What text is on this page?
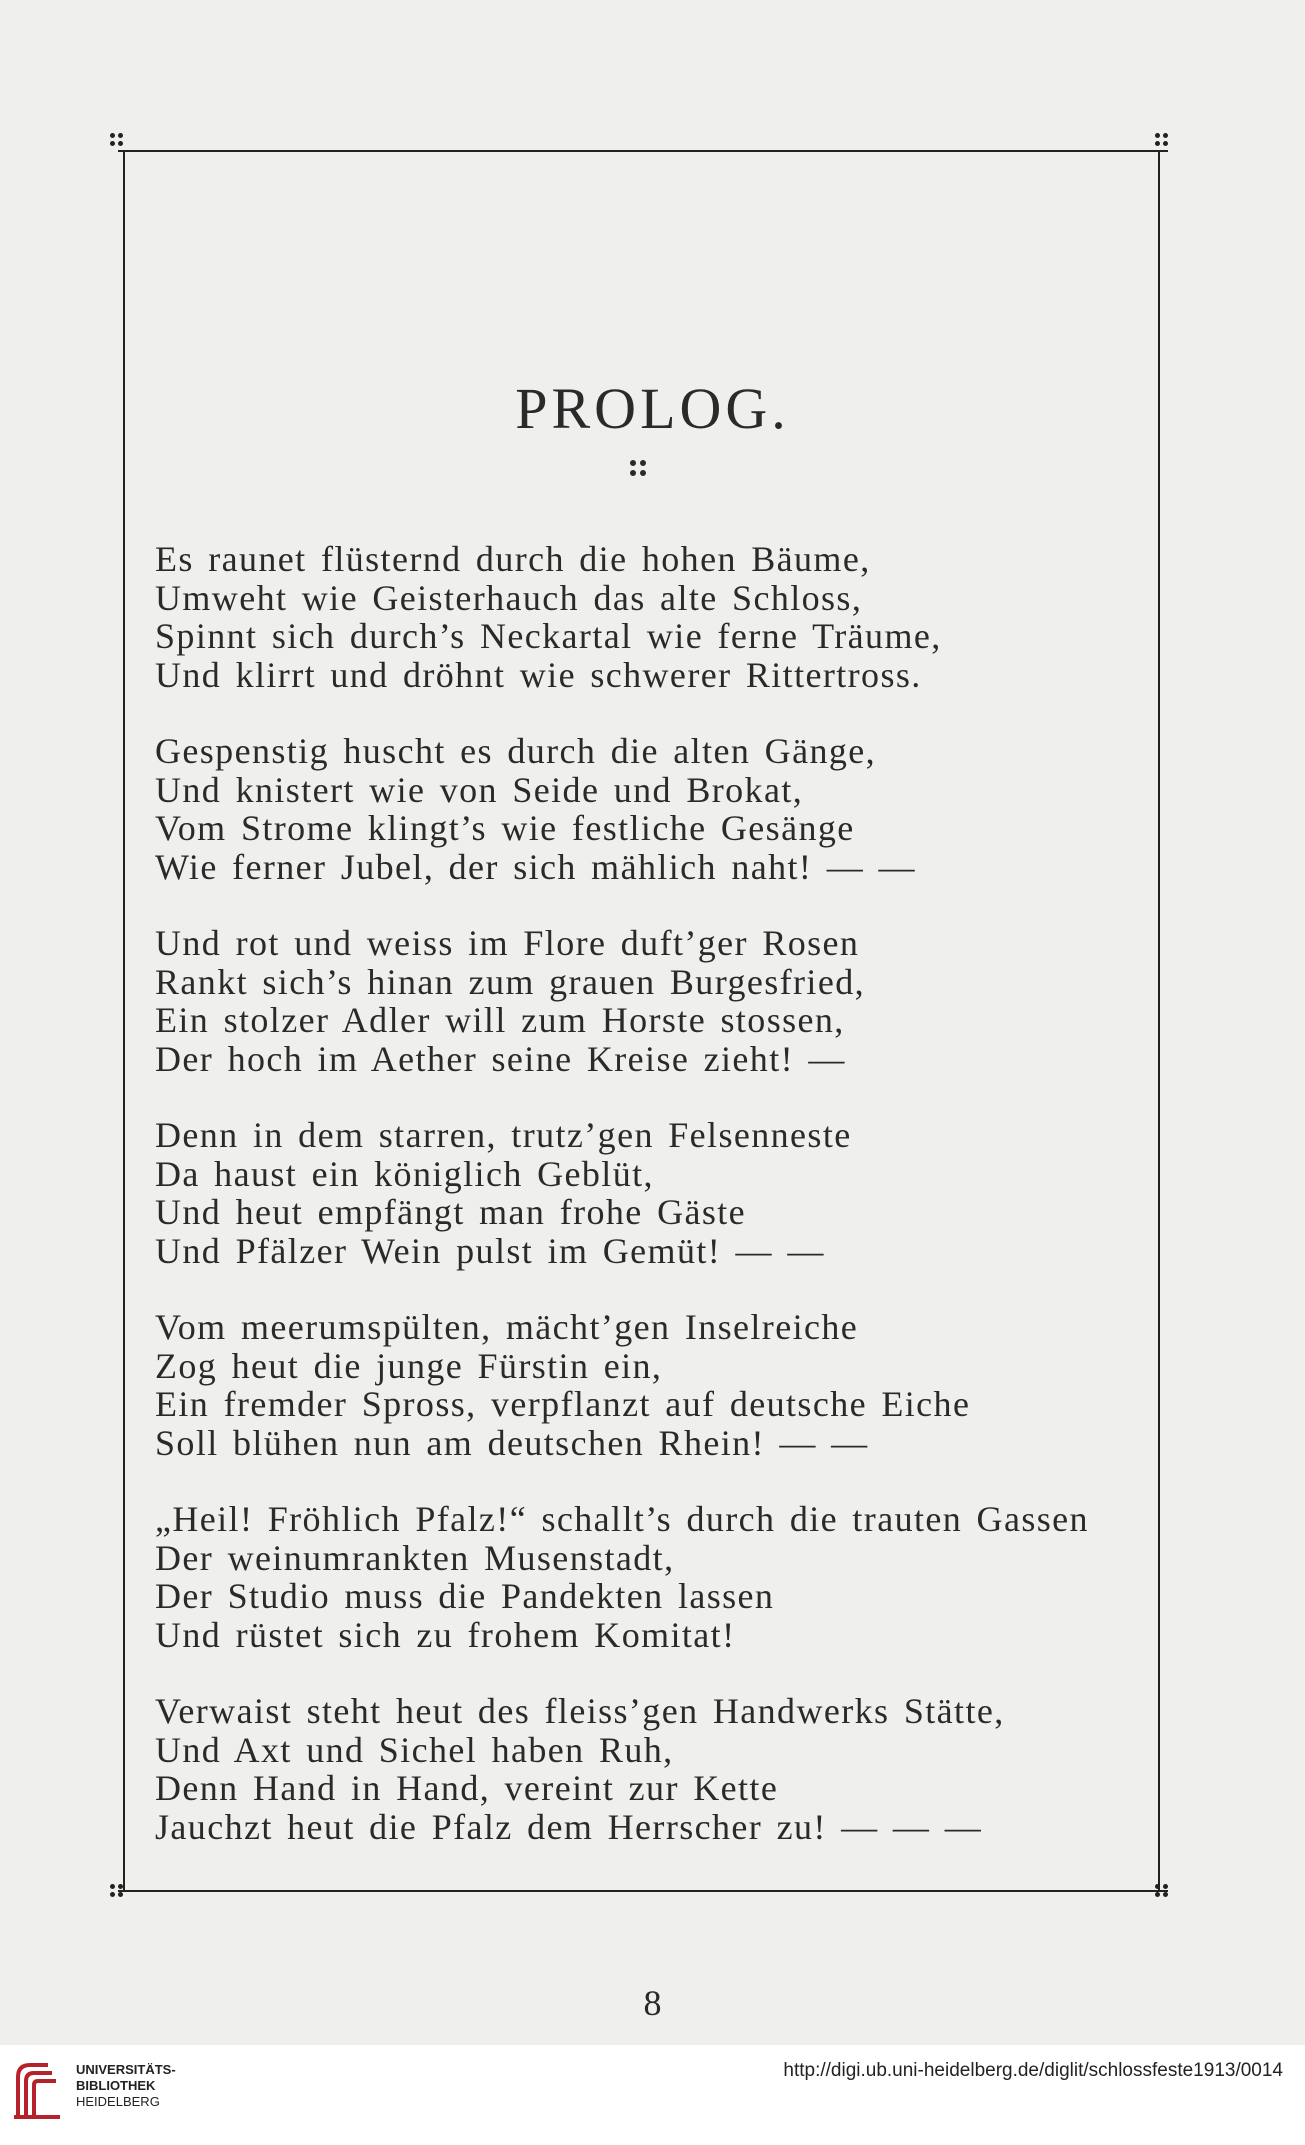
PROLOG.
Es raunet flüsternd durch die hohen Bäume,
Umweht wie Geisterhauch das alte Schloss,
Spinnt sich durch’s Neckartal wie ferne Träume,
Und klirrt und dröhnt wie schwerer Rittertross.
Gespenstig huscht es durch die alten Gänge,
Und knistert wie von Seide und Brokat,
Vom Strome klingt’s wie festliche Gesänge
Wie ferner Jubel, der sich mählich naht! — —
Und rot und weiss im Flore duft’ger Rosen
Rankt sich’s hinan zum grauen Burgesfried,
Ein stolzer Adler will zum Horste stossen,
Der hoch im Aether seine Kreise zieht! —
Denn in dem starren, trutz’gen Felsenneste
Da haust ein königlich Geblüt,
Und heut empfängt man frohe Gäste
Und Pfälzer Wein pulst im Gemüt! — —
Vom meerumspülten, mächt’gen Inselreiche
Zog heut die junge Fürstin ein,
Ein fremder Spross, verpflanzt auf deutsche Eiche
Soll blühen nun am deutschen Rhein! — —
„Heil! Fröhlich Pfalz!“ schallt’s durch die trauten Gassen
Der weinumrankten Musenstadt,
Der Studio muss die Pandekten lassen
Und rüstet sich zu frohem Komitat!
Verwaist steht heut des fleiss’gen Handwerks Stätte,
Und Axt und Sichel haben Ruh,
Denn Hand in Hand, vereint zur Kette
Jauchzt heut die Pfalz dem Herrscher zu! — — —
8
UNIVERSITÄTS-
BIBLIOTHEK
HEIDELBERG
http://digi.ub.uni-heidelberg.de/diglit/schlossfeste1913/0014
